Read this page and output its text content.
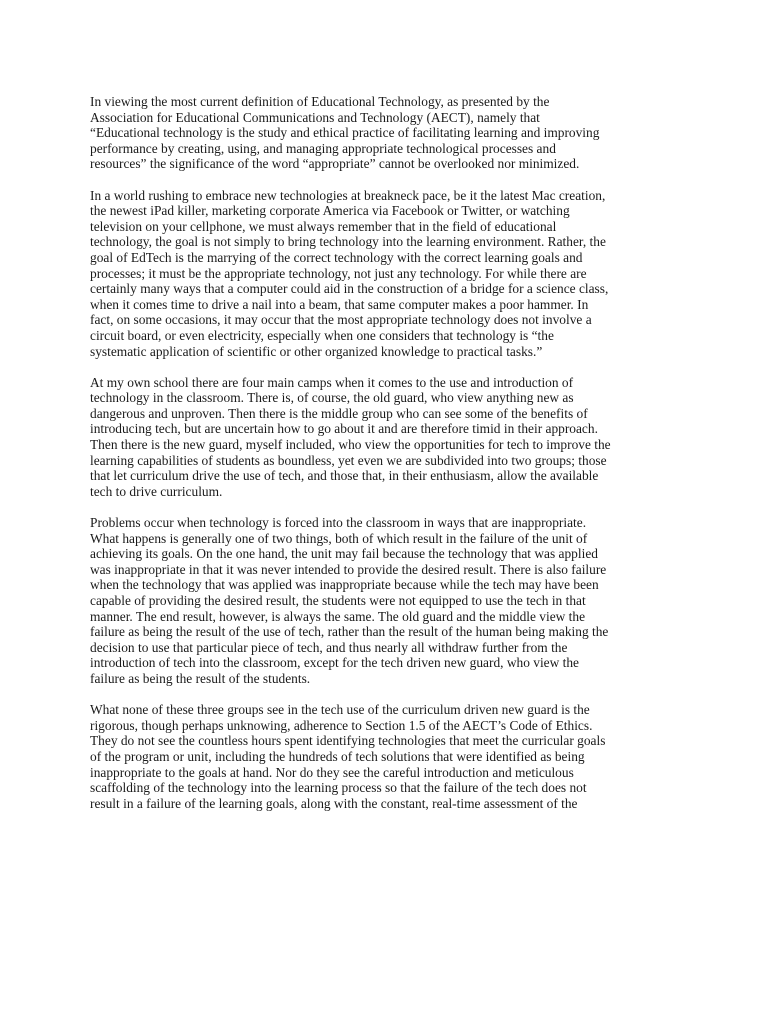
In viewing the most current definition of Educational Technology, as presented by the
Association for Educational Communications and Technology (AECT), namely that
“Educational technology is the study and ethical practice of facilitating learning and improving
performance by creating, using, and managing appropriate technological processes and
resources” the significance of the word “appropriate” cannot be overlooked nor minimized.

In a world rushing to embrace new technologies at breakneck pace, be it the latest Mac creation,
the newest iPad killer, marketing corporate America via Facebook or Twitter, or watching
television on your cellphone, we must always remember that in the field of educational
technology, the goal is not simply to bring technology into the learning environment. Rather, the
goal of EdTech is the marrying of the correct technology with the correct learning goals and
processes; it must be the appropriate technology, not just any technology. For while there are
certainly many ways that a computer could aid in the construction of a bridge for a science class,
when it comes time to drive a nail into a beam, that same computer makes a poor hammer. In
fact, on some occasions, it may occur that the most appropriate technology does not involve a
circuit board, or even electricity, especially when one considers that technology is “the
systematic application of scientific or other organized knowledge to practical tasks.”

At my own school there are four main camps when it comes to the use and introduction of
technology in the classroom. There is, of course, the old guard, who view anything new as
dangerous and unproven. Then there is the middle group who can see some of the benefits of
introducing tech, but are uncertain how to go about it and are therefore timid in their approach.
Then there is the new guard, myself included, who view the opportunities for tech to improve the
learning capabilities of students as boundless, yet even we are subdivided into two groups; those
that let curriculum drive the use of tech, and those that, in their enthusiasm, allow the available
tech to drive curriculum.

Problems occur when technology is forced into the classroom in ways that are inappropriate.
What happens is generally one of two things, both of which result in the failure of the unit of
achieving its goals. On the one hand, the unit may fail because the technology that was applied
was inappropriate in that it was never intended to provide the desired result. There is also failure
when the technology that was applied was inappropriate because while the tech may have been
capable of providing the desired result, the students were not equipped to use the tech in that
manner. The end result, however, is always the same. The old guard and the middle view the
failure as being the result of the use of tech, rather than the result of the human being making the
decision to use that particular piece of tech, and thus nearly all withdraw further from the
introduction of tech into the classroom, except for the tech driven new guard, who view the
failure as being the result of the students.

What none of these three groups see in the tech use of the curriculum driven new guard is the
rigorous, though perhaps unknowing, adherence to Section 1.5 of the AECT’s Code of Ethics.
They do not see the countless hours spent identifying technologies that meet the curricular goals
of the program or unit, including the hundreds of tech solutions that were identified as being
inappropriate to the goals at hand. Nor do they see the careful introduction and meticulous
scaffolding of the technology into the learning process so that the failure of the tech does not
result in a failure of the learning goals, along with the constant, real-time assessment of the
